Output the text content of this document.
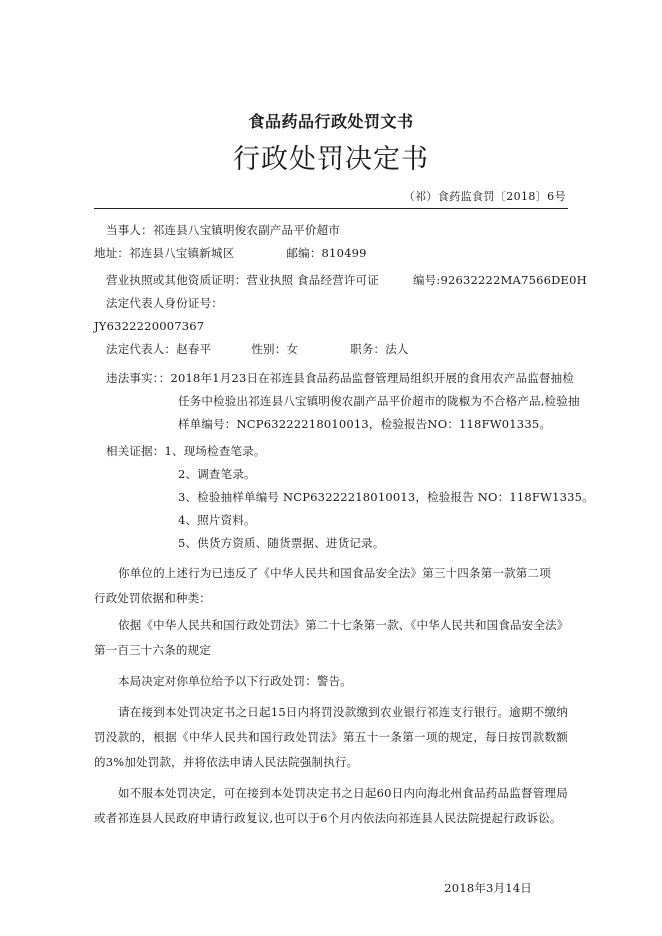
食品药品行政处罚文书
行政处罚决定书
（祁）食药监食罚〔2018〕6号
当事人：祁连县八宝镇明俊农副产品平价超市
地址：祁连县八宝镇新城区	邮编：810499
营业执照或其他资质证明：营业执照 食品经营许可证	编号:92632222MA7566DE0H
法定代表人身份证号：
JY6322220007367
法定代表人：赵春平	性别：女	职务：法人
违法事实：：2018年1月23日在祁连县食品药品监督管理局组织开展的食用农产品监督抽检
任务中检验出祁连县八宝镇明俊农副产品平价超市的陇椒为不合格产品,检验抽
样单编号：NCP63222218010013，检验报告NO：118FW01335。
相关证据：1、现场检查笔录。
2、调查笔录。
3、检验抽样单编号 NCP63222218010013，检验报告 NO：118FW1335。
4、照片资料。
5、供货方资质、随货票据、进货记录。
你单位的上述行为已违反了《中华人民共和国食品安全法》第三十四条第一款第二项
行政处罚依据和种类：
依据《中华人民共和国行政处罚法》第二十七条第一款、《中华人民共和国食品安全法》
第一百三十六条的规定
本局决定对你单位给予以下行政处罚：警告。
请在接到本处罚决定书之日起15日内将罚没款缴到农业银行祁连支行银行。逾期不缴纳罚没款的，根据《中华人民共和国行政处罚法》第五十一条第一项的规定，每日按罚款数额的3%加处罚款，并将依法申请人民法院强制执行。
如不服本处罚决定，可在接到本处罚决定书之日起60日内向海北州食品药品监督管理局或者祁连县人民政府申请行政复议,也可以于6个月内依法向祁连县人民法院提起行政诉讼。
2018年3月14日
